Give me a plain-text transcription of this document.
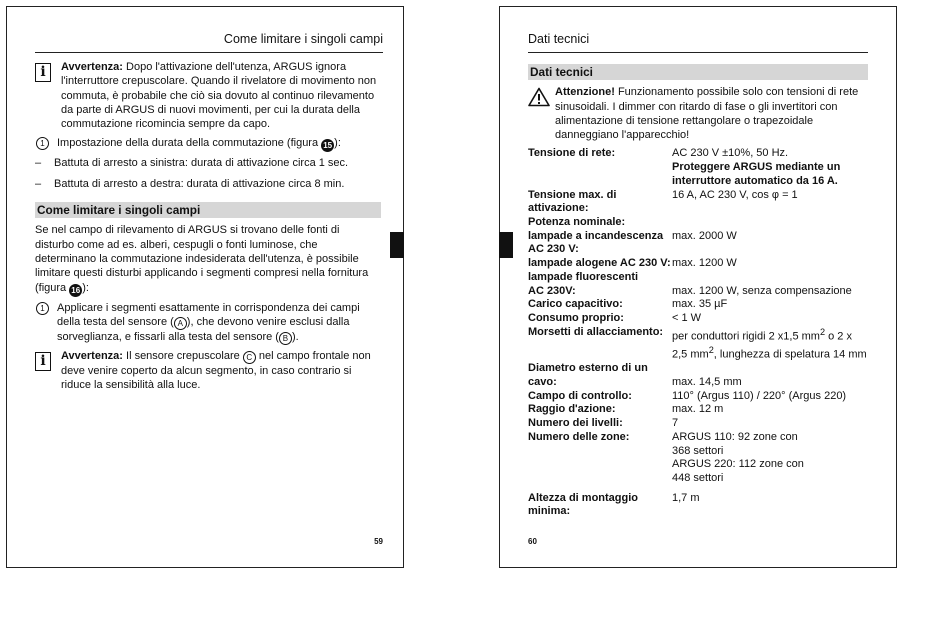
Come limitare i singoli campi
i	Avvertenza: Dopo l'attivazione dell'utenza, ARGUS ignora l'interruttore crepuscolare. Quando il rivelatore di movimento non commuta, è probabile che ciò sia dovuto al continuo rilevamento da parte di ARGUS di nuovi movimenti, per cui la durata della commutazione ricomincia sempre da capo.
1	Impostazione della durata della commutazione (figura 15 ):
–	Battuta di arresto a sinistra: durata di attivazione circa 1 sec.
–	Battuta di arresto a destra: durata di attivazione circa 8 min.
Come limitare i singoli campi
Se nel campo di rilevamento di ARGUS si trovano delle fonti di disturbo come ad es. alberi, cespugli o fonti luminose, che determinano la commutazione indesiderata dell'utenza, è possibile limitare questi disturbi applicando i segmenti compresi nella fornitura (figura 16 ):
1	Applicare i segmenti esattamente in corrispondenza dei campi della testa del sensore ( A ), che devono venire esclusi dalla sorveglianza, e fissarli alla testa del sensore ( B ).
i	Avvertenza: Il sensore crepuscolare C nel campo frontale non deve venire coperto da alcun segmento, in caso contrario si riduce la sensibilità alla luce.
59
Dati tecnici
Dati tecnici
Attenzione! Funzionamento possibile solo con tensioni di rete sinusoidali. I dimmer con ritardo di fase o gli invertitori con alimentazione di tensione rettangolare o trapezoidale danneggiano l'apparecchio!
Tensione di rete:	AC 230 V ±10%, 50 Hz.
Proteggere ARGUS mediante un interruttore automatico da 16 A.
Tensione max. di attivazione:	16 A, AC 230 V, cos φ = 1
Potenza nominale:	
lampade a incandescenza AC 230 V:	max. 2000 W
lampade alogene AC 230 V:	max. 1200 W

lampade fluorescenti
AC 230V:	max. 1200 W, senza compensazione

Carico capacitivo:	max. 35 µF
Consumo proprio:	< 1 W
Morsetti di allacciamento:	per conduttori rigidi 2 x1,5 $mm^2$ o 2 x 2,5 $mm^2$, lunghezza di spelatura 14 mm

Diametro esterno di un
cavo:	max. 14,5 mm

Campo di controllo:	110° (Argus 110) / 220° (Argus 220)
Raggio d'azione:	max. 12 m
Numero dei livelli:	7
Numero delle zone:	ARGUS 110: 92 zone con 368 settori
ARGUS 220: 112 zone con 448 settori

Altezza di montaggio minima:	1,7 m
60
